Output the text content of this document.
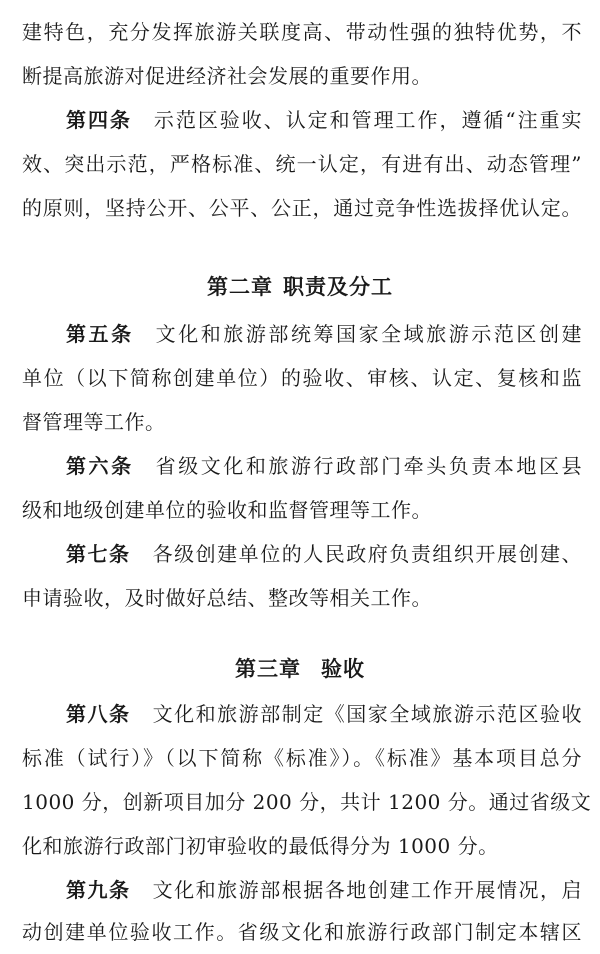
建特色，充分发挥旅游关联度高、带动性强的独特优势，不
断提高旅游对促进经济社会发展的重要作用。
第四条 示范区验收、认定和管理工作，遵循“注重实
效、突出示范，严格标准、统一认定，有进有出、动态管理”
的原则，坚持公开、公平、公正，通过竞争性选拔择优认定。
第二章 职责及分工
第五条 文化和旅游部统筹国家全域旅游示范区创建
单位（以下简称创建单位）的验收、审核、认定、复核和监
督管理等工作。
第六条 省级文化和旅游行政部门牵头负责本地区县
级和地级创建单位的验收和监督管理等工作。
第七条 各级创建单位的人民政府负责组织开展创建、
申请验收，及时做好总结、整改等相关工作。
第三章 验收
第八条 文化和旅游部制定《国家全域旅游示范区验收
标准（试行）》（以下简称《标准》）。《标准》基本项目总分
1000 分，创新项目加分 200 分，共计 1200 分。通过省级文
化和旅游行政部门初审验收的最低得分为 1000 分。
第九条 文化和旅游部根据各地创建工作开展情况，启
动创建单位验收工作。省级文化和旅游行政部门制定本辖区
